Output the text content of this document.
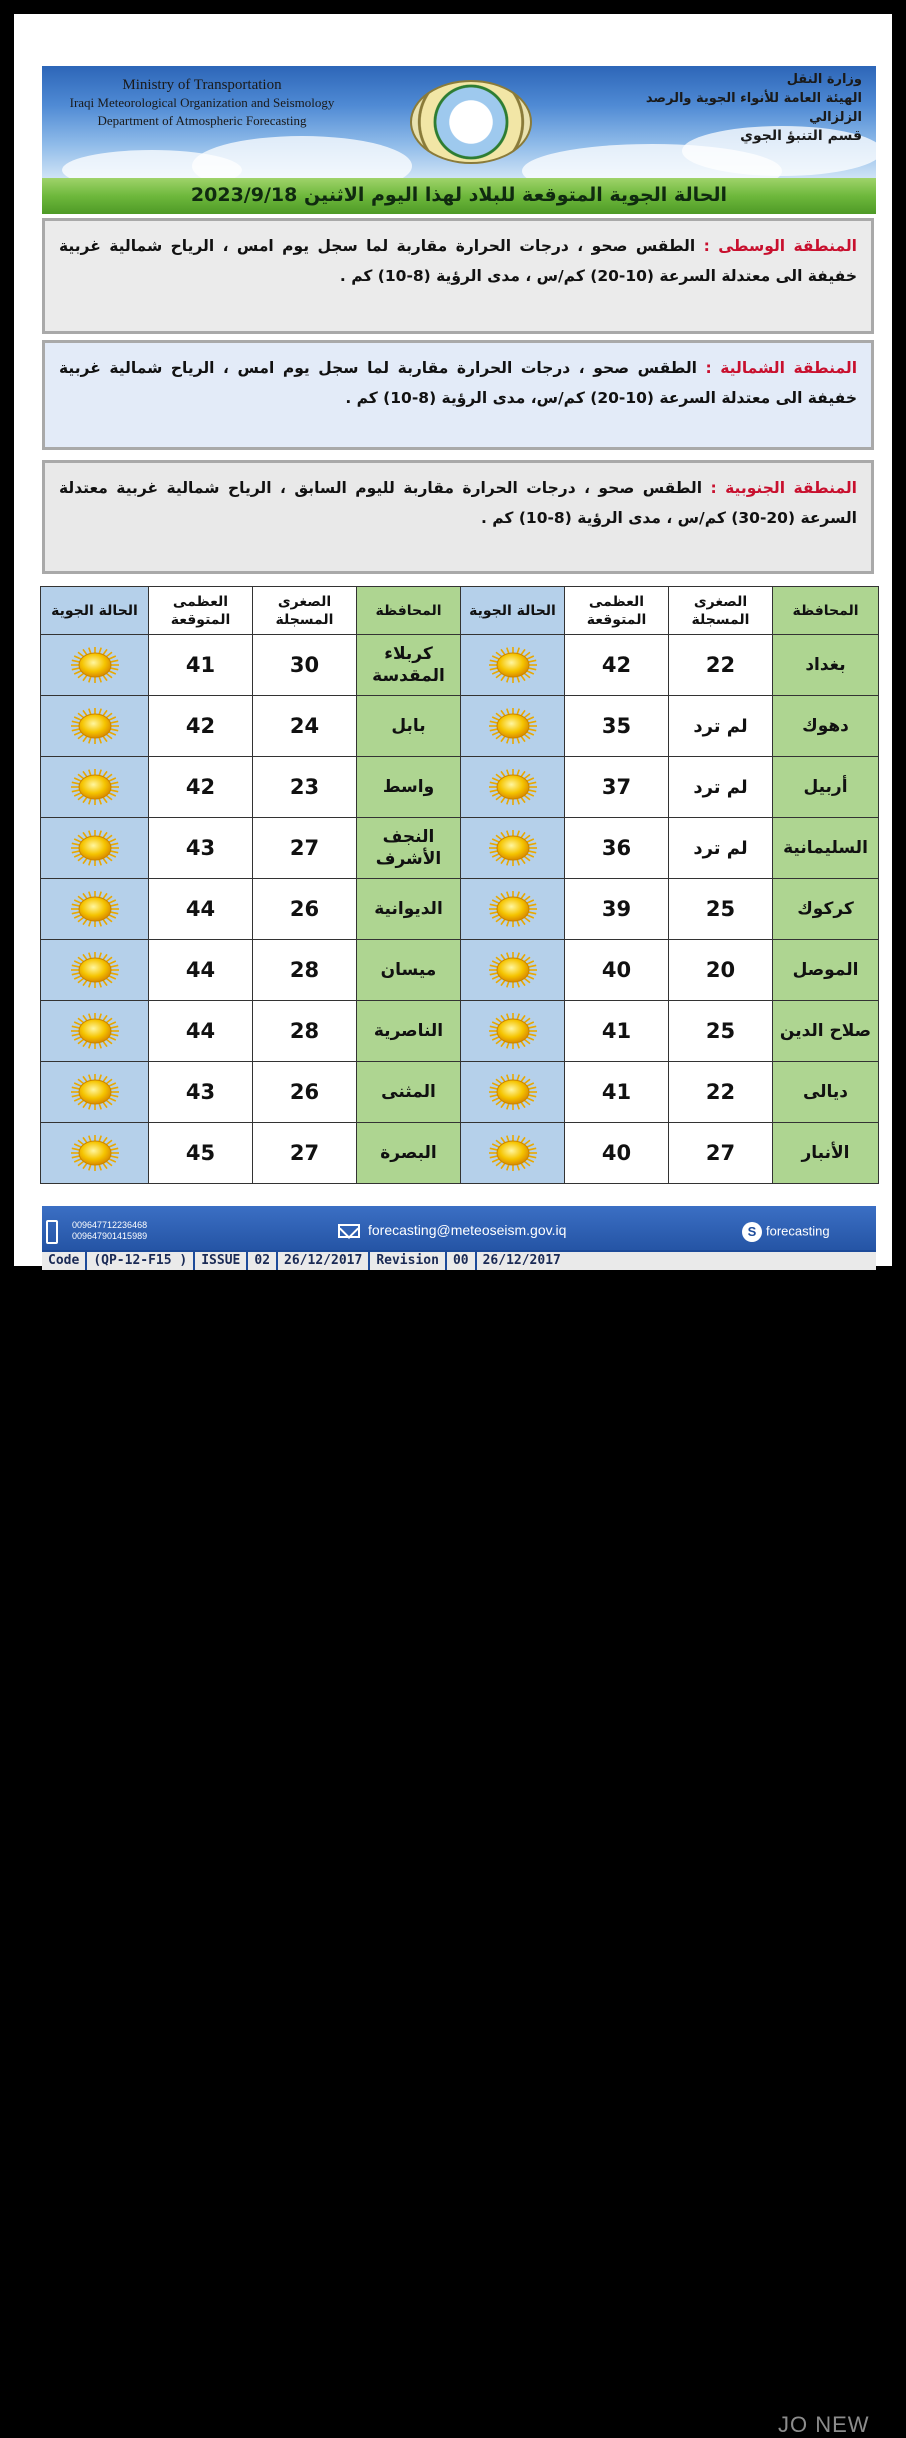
Ministry of Transportation
Iraqi Meteorological Organization and Seismology
Department of Atmospheric Forecasting
وزارة النقل
الهيئة العامة للأنواء الجوية والرصد الزلزالي
قسم التنبؤ الجوي
الحالة الجوية المتوقعة للبلاد لهذا اليوم الاثنين 2023/9/18
المنطقة الوسطى : الطقس صحو ، درجات الحرارة مقاربة لما سجل يوم امس ، الرياح شمالية غربية خفيفة الى معتدلة السرعة (10-20) كم/س ، مدى الرؤية (8-10) كم .
المنطقة الشمالية : الطقس صحو ، درجات الحرارة مقاربة لما سجل يوم امس ، الرياح شمالية غربية خفيفة الى معتدلة السرعة (10-20) كم/س، مدى الرؤية (8-10) كم .
المنطقة الجنوبية : الطقس صحو ، درجات الحرارة مقاربة لليوم السابق ، الرياح شمالية غربية معتدلة السرعة (20-30) كم/س ، مدى الرؤية (8-10) كم .
المحافظة	الصغرى المسجلة	العظمى المتوقعة	الحالة الجوية	المحافظة	الصغرى المسجلة	العظمى المتوقعة	الحالة الجوية
بغداد	22	42		كربلاء المقدسة	30	41	
دهوك	لم ترد	35		بابل	24	42	
أربيل	لم ترد	37		واسط	23	42	
السليمانية	لم ترد	36		النجف الأشرف	27	43	
كركوك	25	39		الديوانية	26	44	
الموصل	20	40		ميسان	28	44	
صلاح الدين	25	41		الناصرية	28	44	
ديالى	22	41		المثنى	26	43	
الأنبار	27	40		البصرة	27	45	
009647712236468
009647901415989	forecasting@meteoseism.gov.iq	S forecasting
JO NEW
Code	(QP-12-F15 )	ISSUE	02	26/12/2017	Revision	00	26/12/2017
